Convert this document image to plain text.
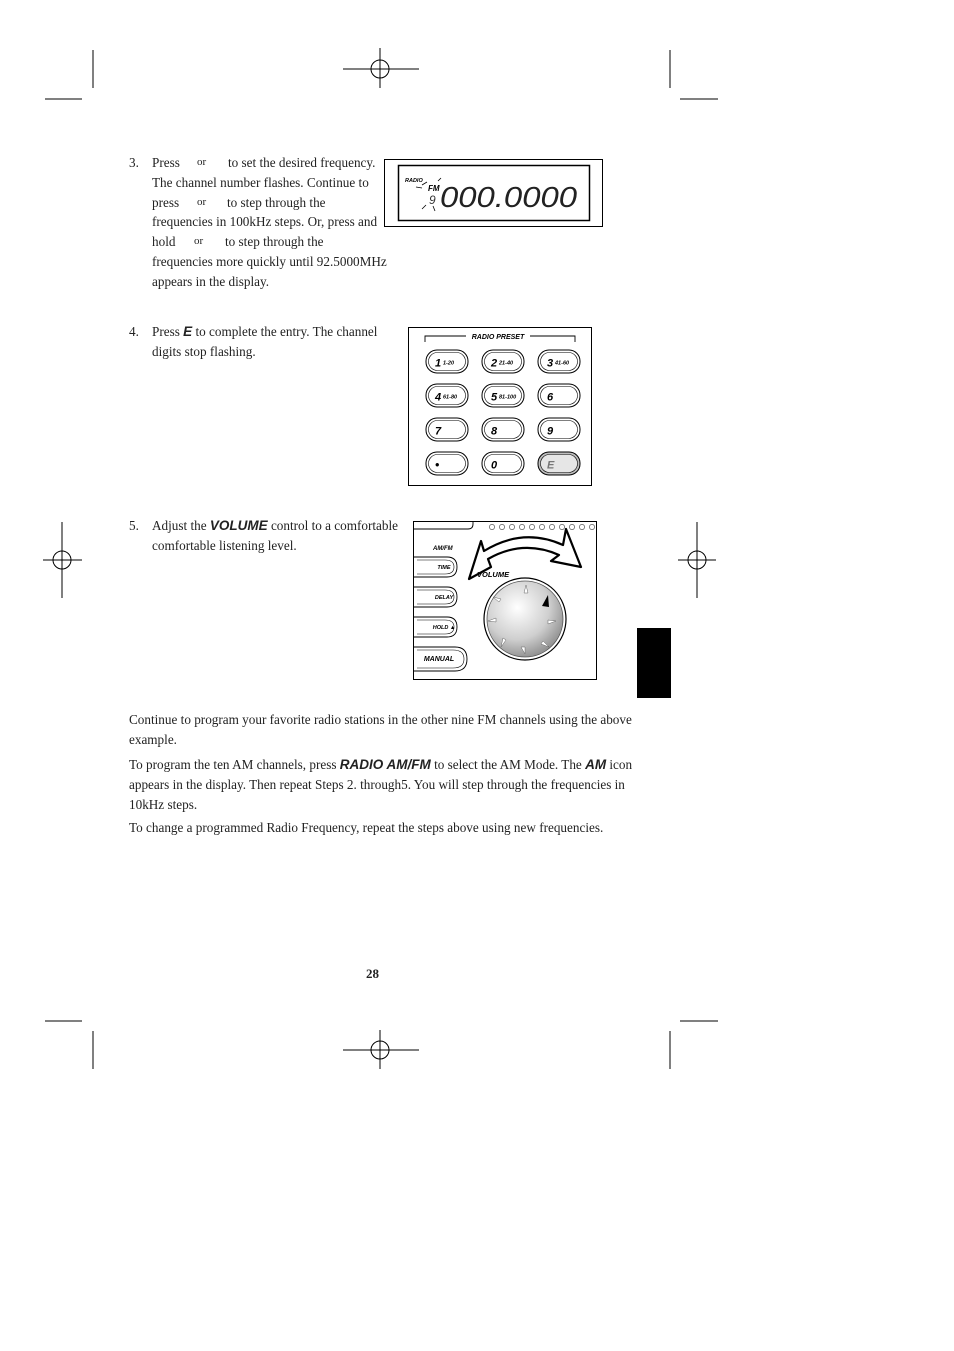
3. Press or to set the desired frequency.
The channel number flashes. Continue to
press or to step through the
frequencies in 100kHz steps. Or, press and
hold or to step through the
frequencies more quickly until 92.5000MHz
appears in the display.
RADIO
FM
9 000.0000
4. Press E to complete the entry. The channel
digits stop flashing.
RADIO PRESET
1 1-20	2 21-40	3 41-60
4 61-80	5 81-100	6
7	8	9
•	0	E
5. Adjust the VOLUME control to a comfortable
comfortable listening level.	AM/FM
TIME
DELAY
HOLD ▲
MANUAL
VOLUME
Continue to program your favorite radio stations in the other nine FM channels using the above
example.
To program the ten AM channels, press RADIO AM/FM to select the AM Mode. The AM icon
appears in the display. Then repeat Steps 2. through5. You will step through the frequencies in
10kHz steps.
To change a programmed Radio Frequency, repeat the steps above using new frequencies.
28
